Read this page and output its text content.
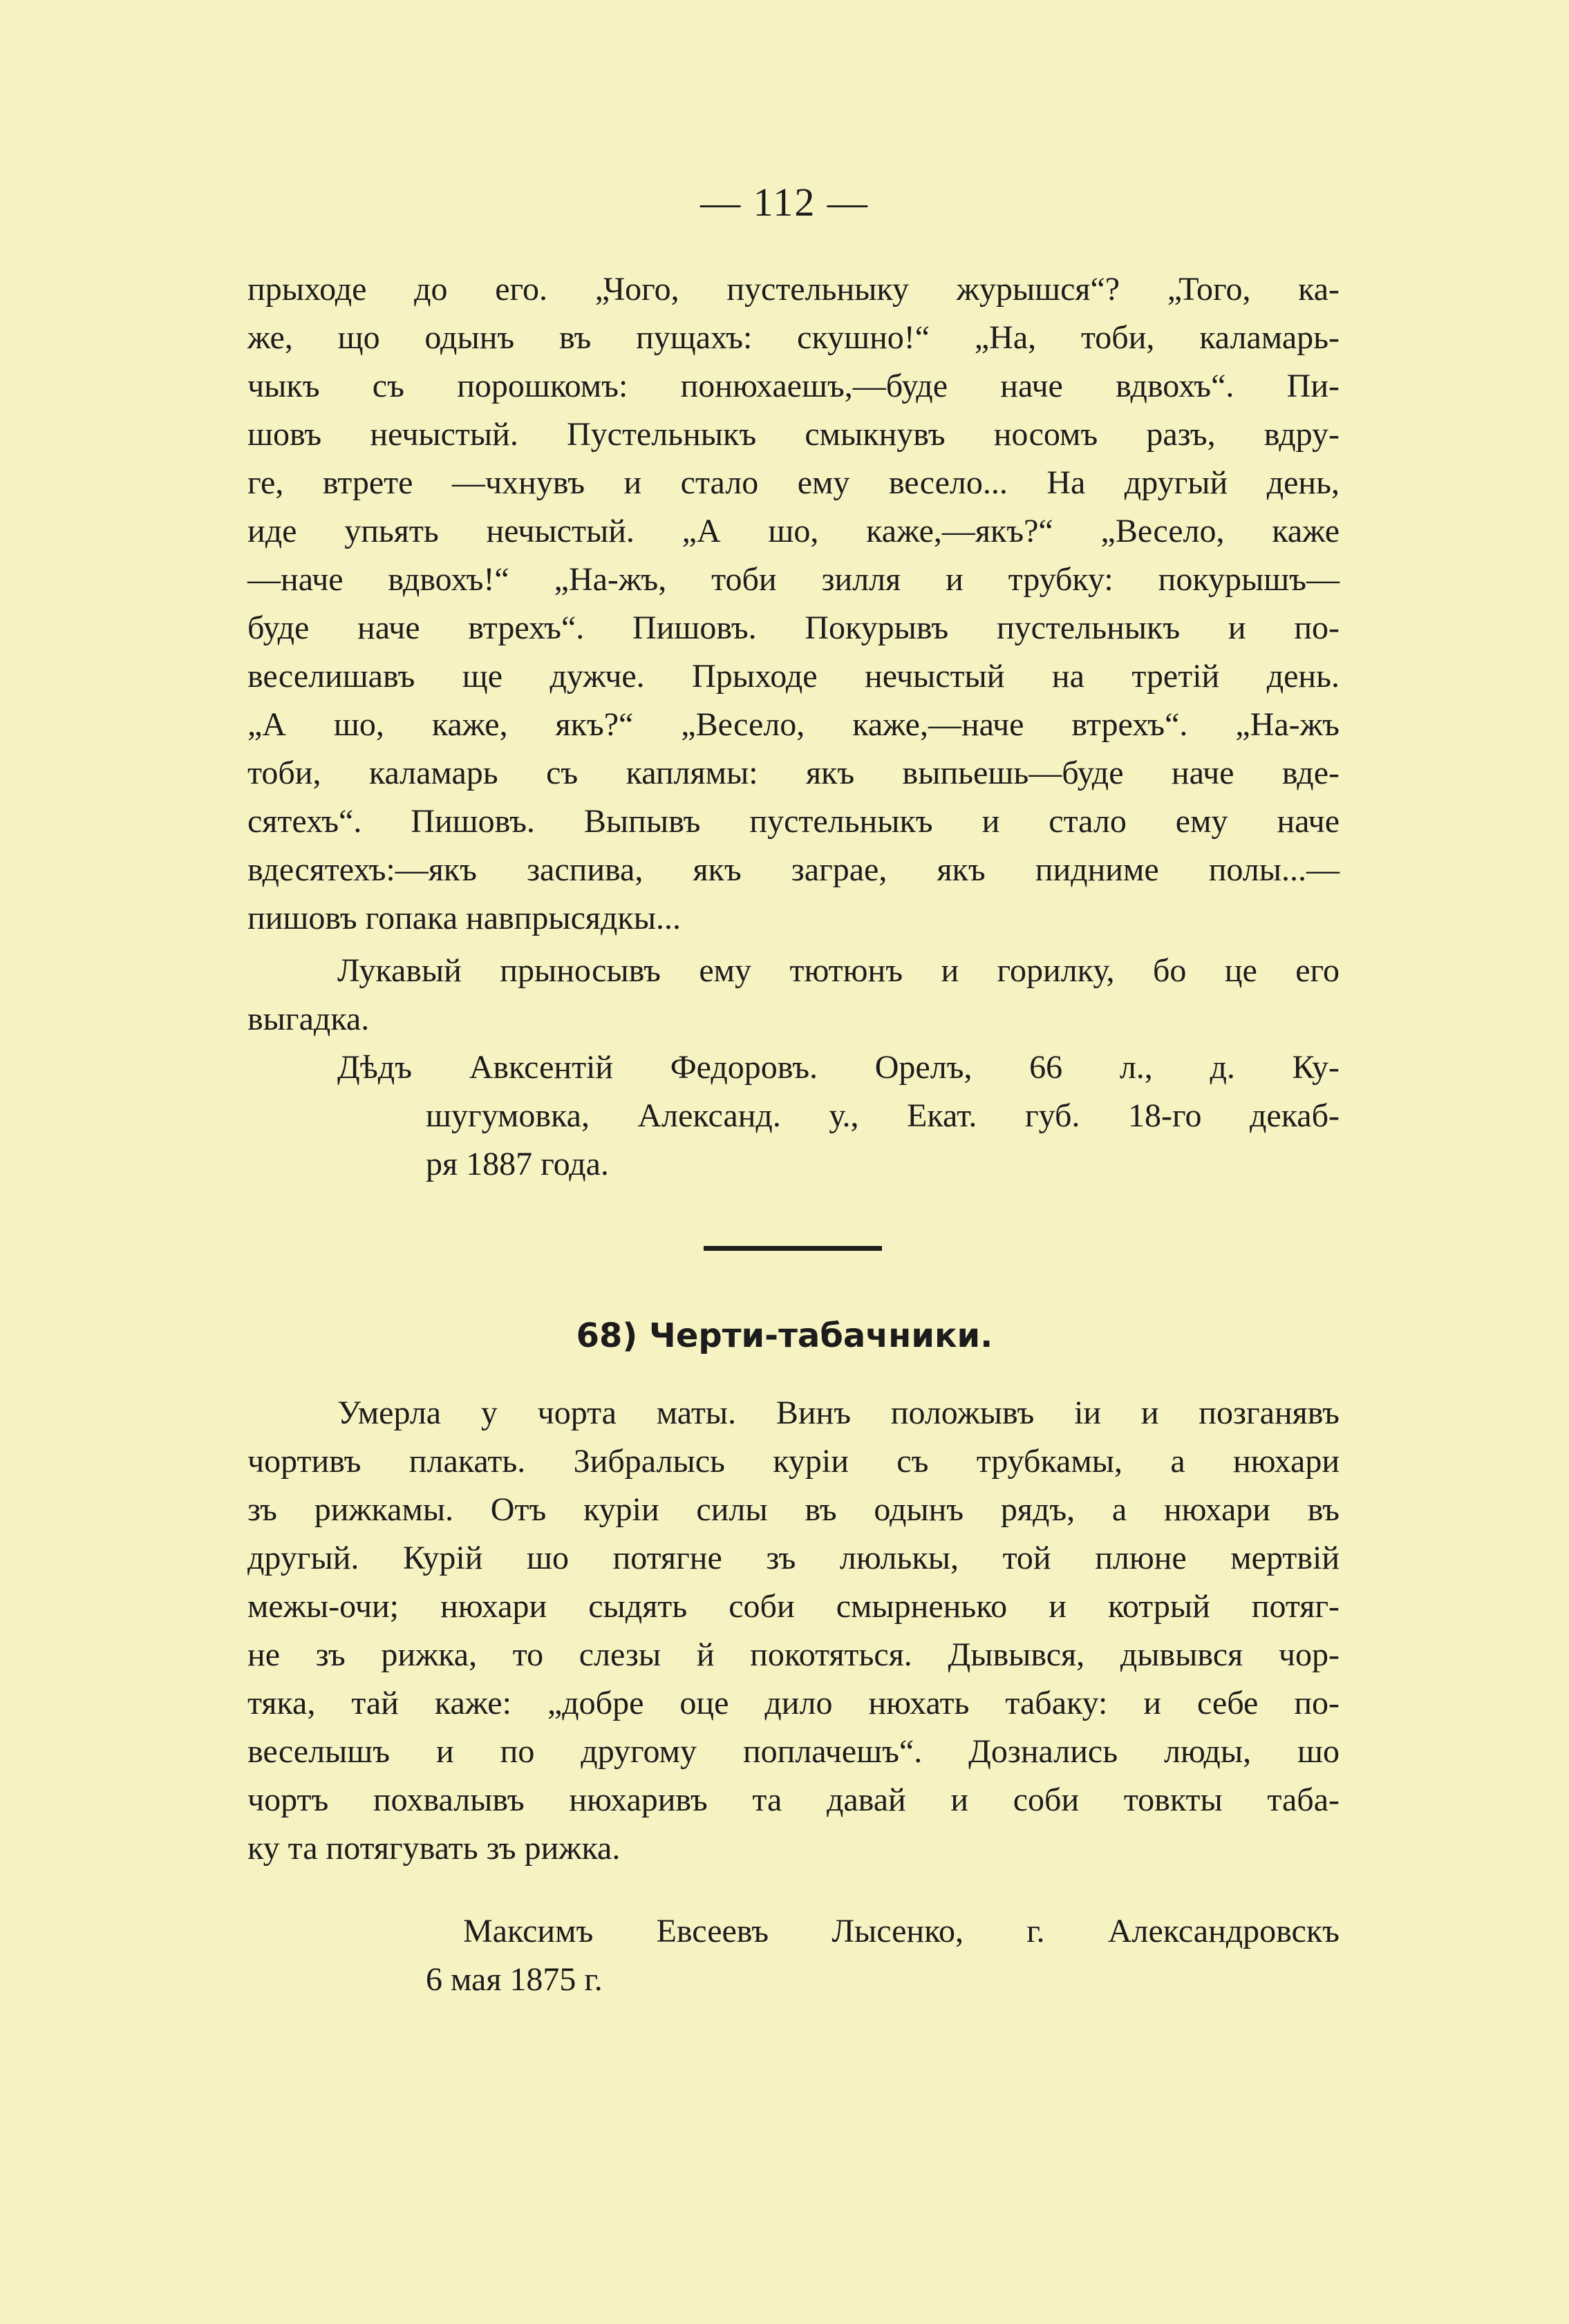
— 112 —
прыходе до его. „Чого, пустельныку журышся“? „Того, ка-
же, що одынъ въ пущахъ: скушно!“ „На, тоби, каламарь-
чыкъ съ порошкомъ: понюхаешъ,—буде наче вдвохъ“. Пи-
шовъ нечыстый. Пустельныкъ смыкнувъ носомъ разъ, вдру-
ге, втрете —чхнувъ и стало ему весело... На другый день,
иде упьять нечыстый. „А шо, каже,—якъ?“ „Весело, каже
—наче вдвохъ!“ „На-жъ, тоби зилля и трубку: покурышъ—
буде наче втрехъ“. Пишовъ. Покурывъ пустельныкъ и по-
веселишавъ ще дужче. Прыходе нечыстый на третій день.
„А шо, каже, якъ?“ „Весело, каже,—наче втрехъ“. „На-жъ
тоби, каламарь съ каплямы: якъ выпьешь—буде наче вде-
сятехъ“. Пишовъ. Выпывъ пустельныкъ и стало ему наче
вдесятехъ:—якъ заспива, якъ заграе, якъ пидниме полы...—
пишовъ гопака навпрысядкы...
Лукавый прыносывъ ему тютюнъ и горилку, бо це его
выгадка.
Дѣдъ Авксентій Федоровъ. Орелъ, 66 л., д. Ку-
шугумовка, Александ. у., Екат. губ. 18-го декаб-
ря 1887 года.
68) Черти-табачники.
Умерла у чорта маты. Винъ положывъ іи и позганявъ
чортивъ плакать. Зибралысь куріи съ трубкамы, а нюхари
зъ рижкамы. Отъ куріи силы въ одынъ рядъ, а нюхари въ
другый. Курій шо потягне зъ люлькы, той плюне мертвій
межы-очи; нюхари сыдять соби смырненько и котрый потяг-
не зъ рижка, то слезы й покотяться. Дывывся, дывывся чор-
тяка, тай каже: „добре оце дило нюхать табаку: и себе по-
веселышъ и по другому поплачешъ“. Дознались люды, шо
чортъ похвалывъ нюхаривъ та давай и соби товкты таба-
ку та потягувать зъ рижка.
Максимъ Евсеевъ Лысенко, г. Александровскъ
6 мая 1875 г.
